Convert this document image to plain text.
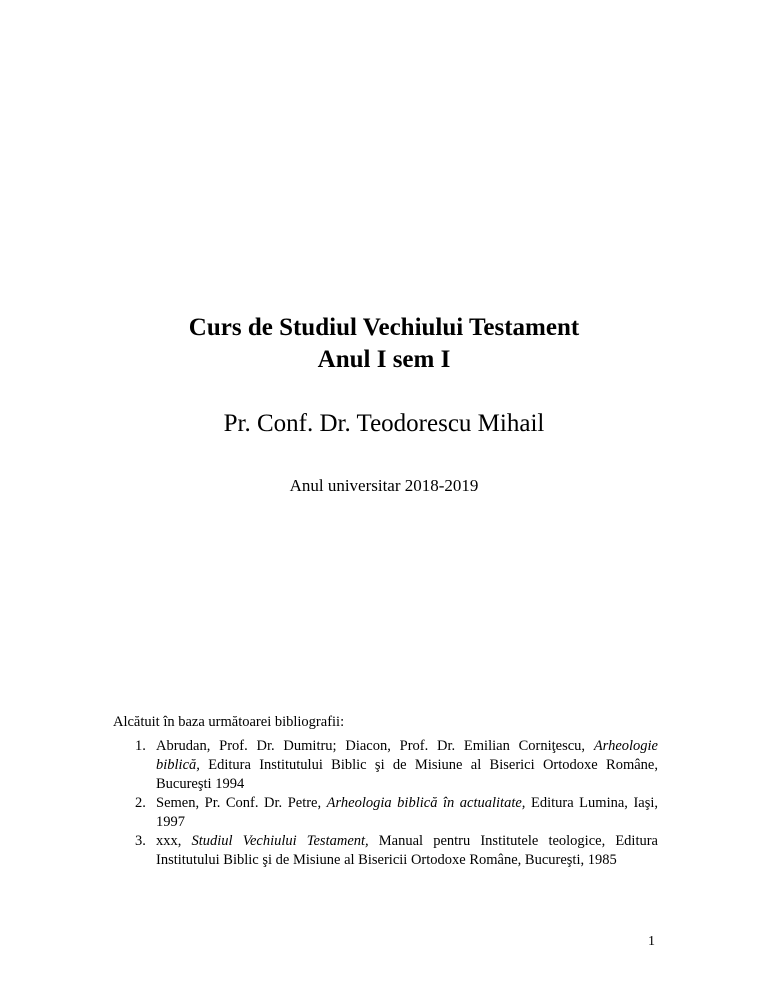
Curs de Studiul Vechiului Testament
Anul I sem I
Pr. Conf. Dr. Teodorescu Mihail
Anul universitar 2018-2019
Alcătuit în baza următoarei bibliografii:
1. Abrudan, Prof. Dr. Dumitru; Diacon, Prof. Dr. Emilian Corniţescu, Arheologie biblică, Editura Institutului Biblic şi de Misiune al Biserici Ortodoxe Române, Bucureşti 1994
2. Semen, Pr. Conf. Dr. Petre, Arheologia biblică în actualitate, Editura Lumina, Iaşi, 1997
3. xxx, Studiul Vechiului Testament, Manual pentru Institutele teologice, Editura Institutului Biblic şi de Misiune al Bisericii Ortodoxe Române, Bucureşti, 1985
1
